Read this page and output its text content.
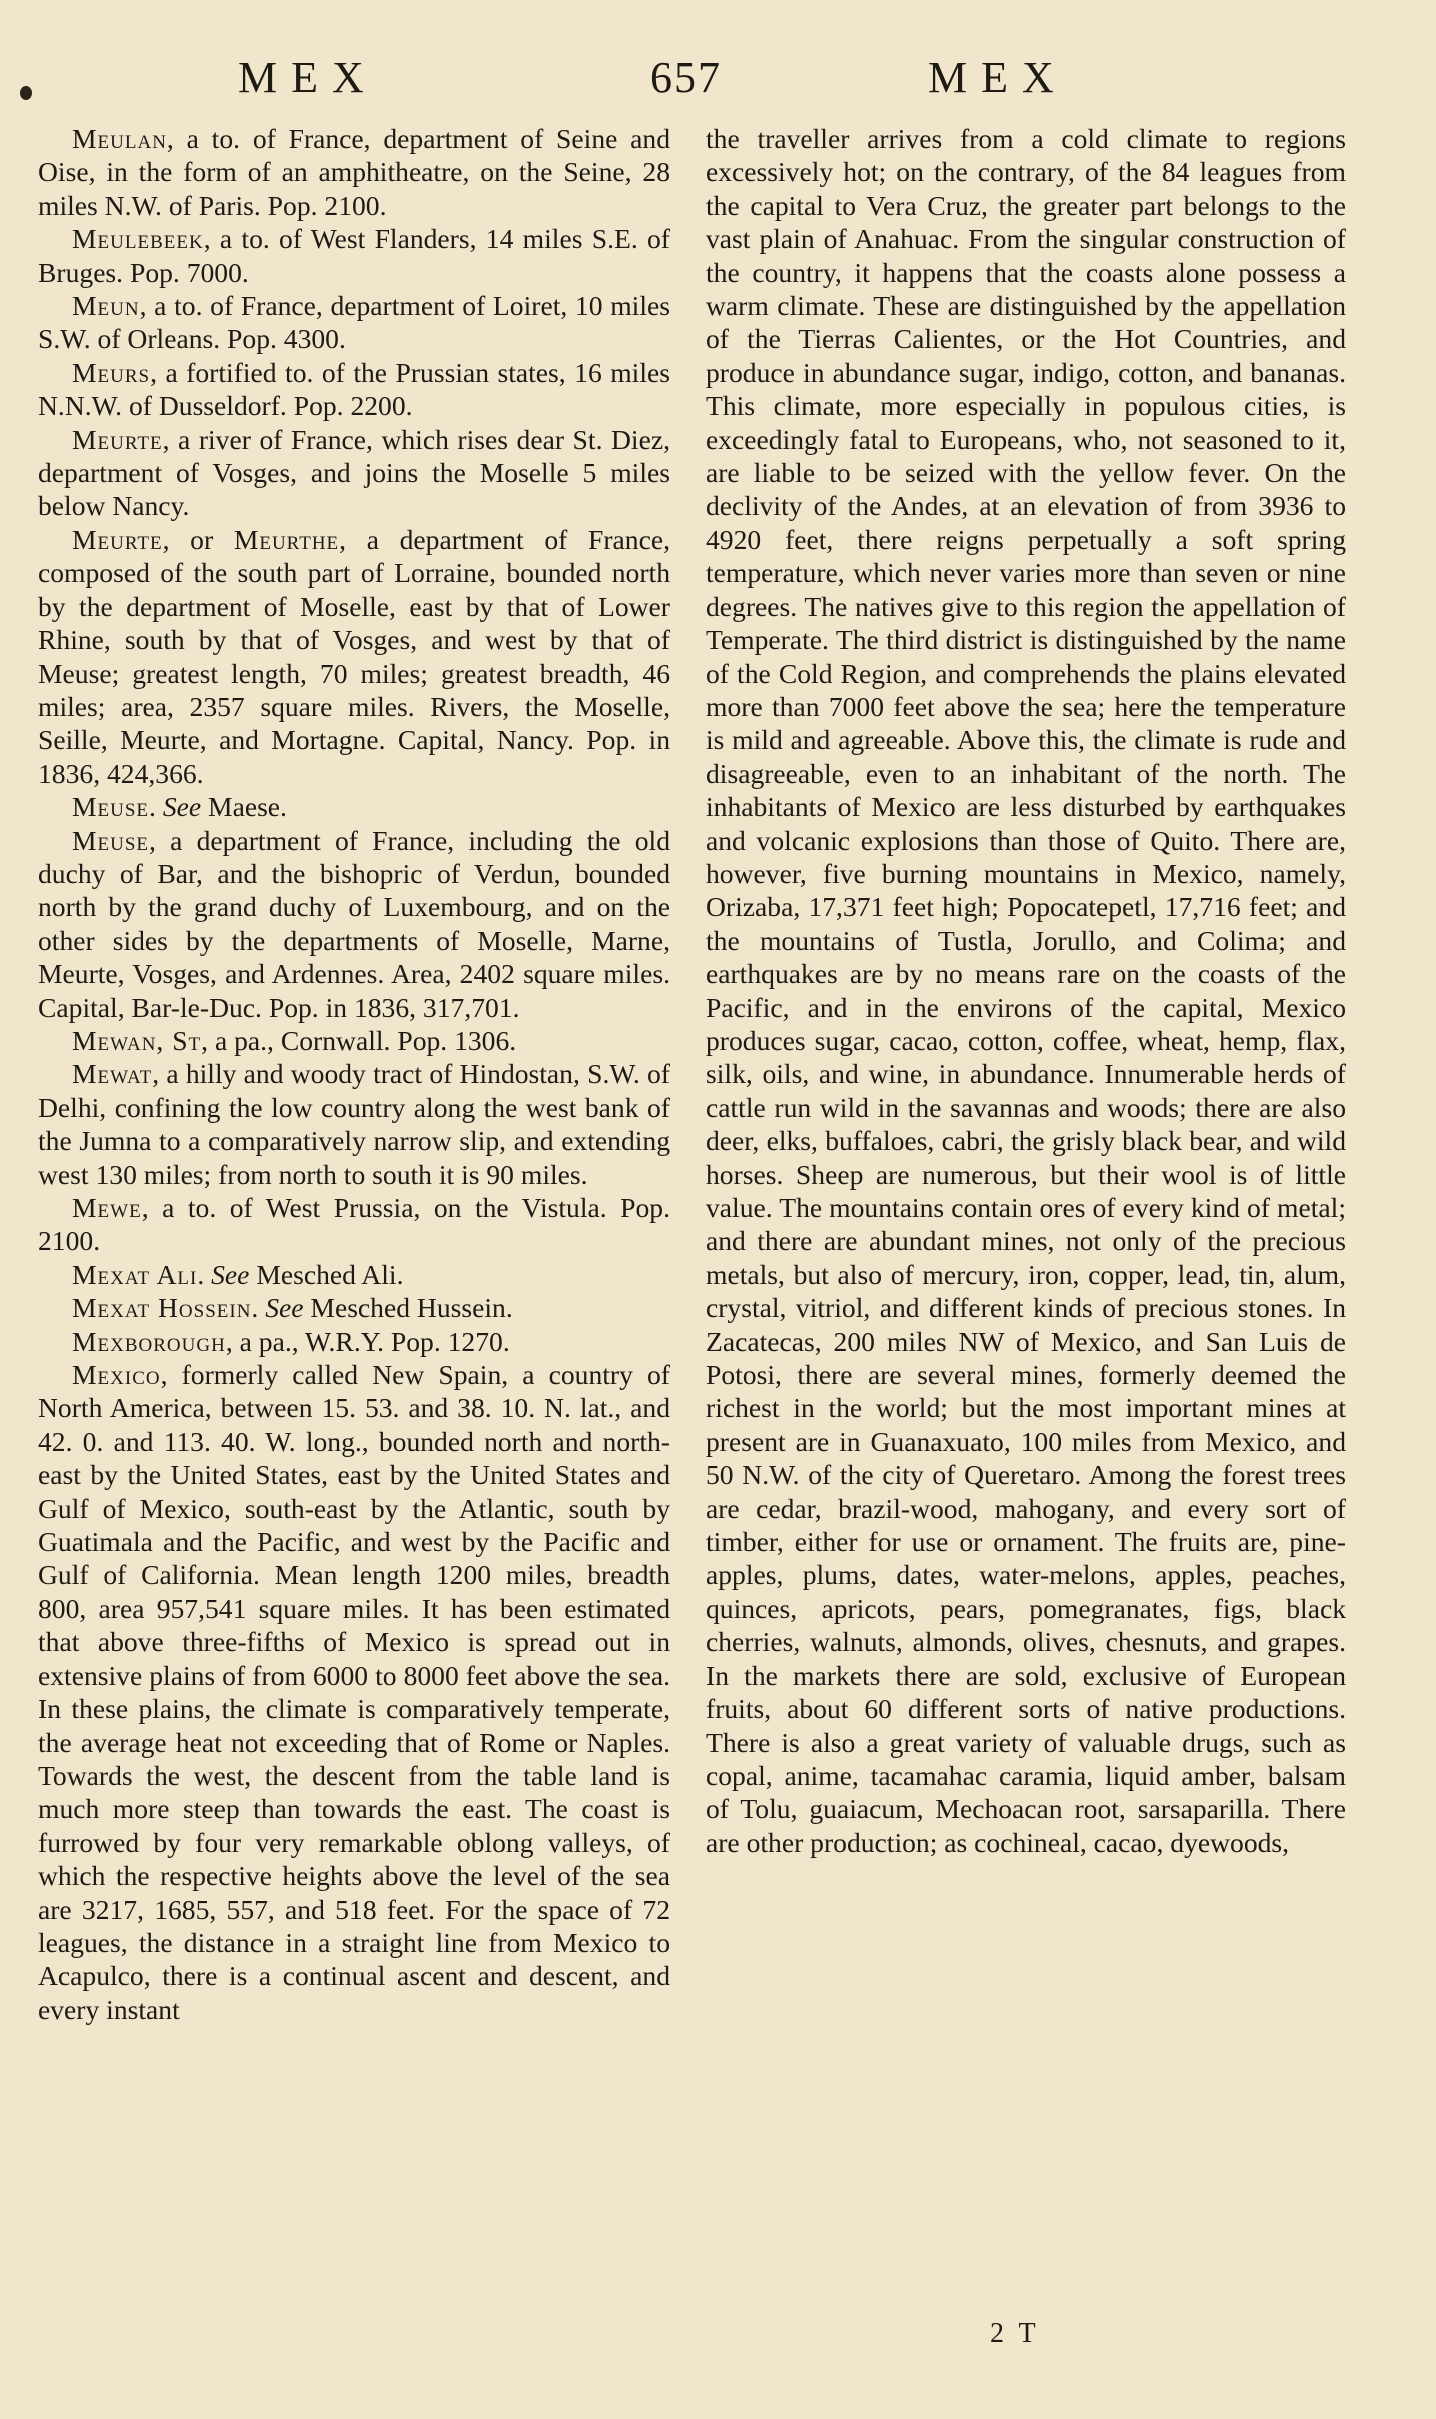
MEX	657	MEX

Meulan, a to. of France, department of Seine and Oise, in the form of an amphitheatre, on the Seine, 28 miles N.W. of Paris. Pop. 2100.

Meulebeek, a to. of West Flanders, 14 miles S.E. of Bruges. Pop. 7000.

Meun, a to. of France, department of Loiret, 10 miles S.W. of Orleans. Pop. 4300.

Meurs, a fortified to. of the Prussian states, 16 miles N.N.W. of Dusseldorf. Pop. 2200.

Meurte, a river of France, which rises dear St. Diez, department of Vosges, and joins the Moselle 5 miles below Nancy.

Meurte, or Meurthe, a department of France, composed of the south part of Lorraine, bounded north by the department of Moselle, east by that of Lower Rhine, south by that of Vosges, and west by that of Meuse; greatest length, 70 miles; greatest breadth, 46 miles; area, 2357 square miles. Rivers, the Moselle, Seille, Meurte, and Mortagne. Capital, Nancy. Pop. in 1836, 424,366.

Meuse. See Maese.

Meuse, a department of France, including the old duchy of Bar, and the bishopric of Verdun, bounded north by the grand duchy of Luxembourg, and on the other sides by the departments of Moselle, Marne, Meurte, Vosges, and Ardennes. Area, 2402 square miles. Capital, Bar-le-Duc. Pop. in 1836, 317,701.

Mewan, St, a pa., Cornwall. Pop. 1306.

Mewat, a hilly and woody tract of Hindostan, S.W. of Delhi, confining the low country along the west bank of the Jumna to a comparatively narrow slip, and extending west 130 miles; from north to south it is 90 miles.

Mewe, a to. of West Prussia, on the Vistula. Pop. 2100.

Mexat Ali. See Mesched Ali.

Mexat Hossein. See Mesched Hussein.

Mexborough, a pa., W.R.Y. Pop. 1270.

Mexico, formerly called New Spain, a country of North America, between 15. 53. and 38. 10. N. lat., and 42. 0. and 113. 40. W. long., bounded north and north-east by the United States, east by the United States and Gulf of Mexico, south-east by the Atlantic, south by Guatimala and the Pacific, and west by the Pacific and Gulf of California. Mean length 1200 miles, breadth 800, area 957,541 square miles. It has been estimated that above three-fifths of Mexico is spread out in extensive plains of from 6000 to 8000 feet above the sea. In these plains, the climate is comparatively temperate, the average heat not exceeding that of Rome or Naples. Towards the west, the descent from the table land is much more steep than towards the east. The coast is furrowed by four very remarkable oblong valleys, of which the respective heights above the level of the sea are 3217, 1685, 557, and 518 feet. For the space of 72 leagues, the distance in a straight line from Mexico to Acapulco, there is a continual ascent and descent, and every instant

the traveller arrives from a cold climate to regions excessively hot; on the contrary, of the 84 leagues from the capital to Vera Cruz, the greater part belongs to the vast plain of Anahuac. From the singular construction of the country, it happens that the coasts alone possess a warm climate. These are distinguished by the appellation of the Tierras Calientes, or the Hot Countries, and produce in abundance sugar, indigo, cotton, and bananas. This climate, more especially in populous cities, is exceedingly fatal to Europeans, who, not seasoned to it, are liable to be seized with the yellow fever. On the declivity of the Andes, at an elevation of from 3936 to 4920 feet, there reigns perpetually a soft spring temperature, which never varies more than seven or nine degrees. The natives give to this region the appellation of Temperate. The third district is distinguished by the name of the Cold Region, and comprehends the plains elevated more than 7000 feet above the sea; here the temperature is mild and agreeable. Above this, the climate is rude and disagreeable, even to an inhabitant of the north. The inhabitants of Mexico are less disturbed by earthquakes and volcanic explosions than those of Quito. There are, however, five burning mountains in Mexico, namely, Orizaba, 17,371 feet high; Popocatepetl, 17,716 feet; and the mountains of Tustla, Jorullo, and Colima; and earthquakes are by no means rare on the coasts of the Pacific, and in the environs of the capital, Mexico produces sugar, cacao, cotton, coffee, wheat, hemp, flax, silk, oils, and wine, in abundance. Innumerable herds of cattle run wild in the savannas and woods; there are also deer, elks, buffaloes, cabri, the grisly black bear, and wild horses. Sheep are numerous, but their wool is of little value. The mountains contain ores of every kind of metal; and there are abundant mines, not only of the precious metals, but also of mercury, iron, copper, lead, tin, alum, crystal, vitriol, and different kinds of precious stones. In Zacatecas, 200 miles NW of Mexico, and San Luis de Potosi, there are several mines, formerly deemed the richest in the world; but the most important mines at present are in Guanaxuato, 100 miles from Mexico, and 50 N.W. of the city of Queretaro. Among the forest trees are cedar, brazil-wood, mahogany, and every sort of timber, either for use or ornament. The fruits are, pine-apples, plums, dates, water-melons, apples, peaches, quinces, apricots, pears, pomegranates, figs, black cherries, walnuts, almonds, olives, chesnuts, and grapes. In the markets there are sold, exclusive of European fruits, about 60 different sorts of native productions. There is also a great variety of valuable drugs, such as copal, anime, tacamahac caramia, liquid amber, balsam of Tolu, guaiacum, Mechoacan root, sarsaparilla. There are other production; as cochineal, cacao, dyewoods,

2 T
